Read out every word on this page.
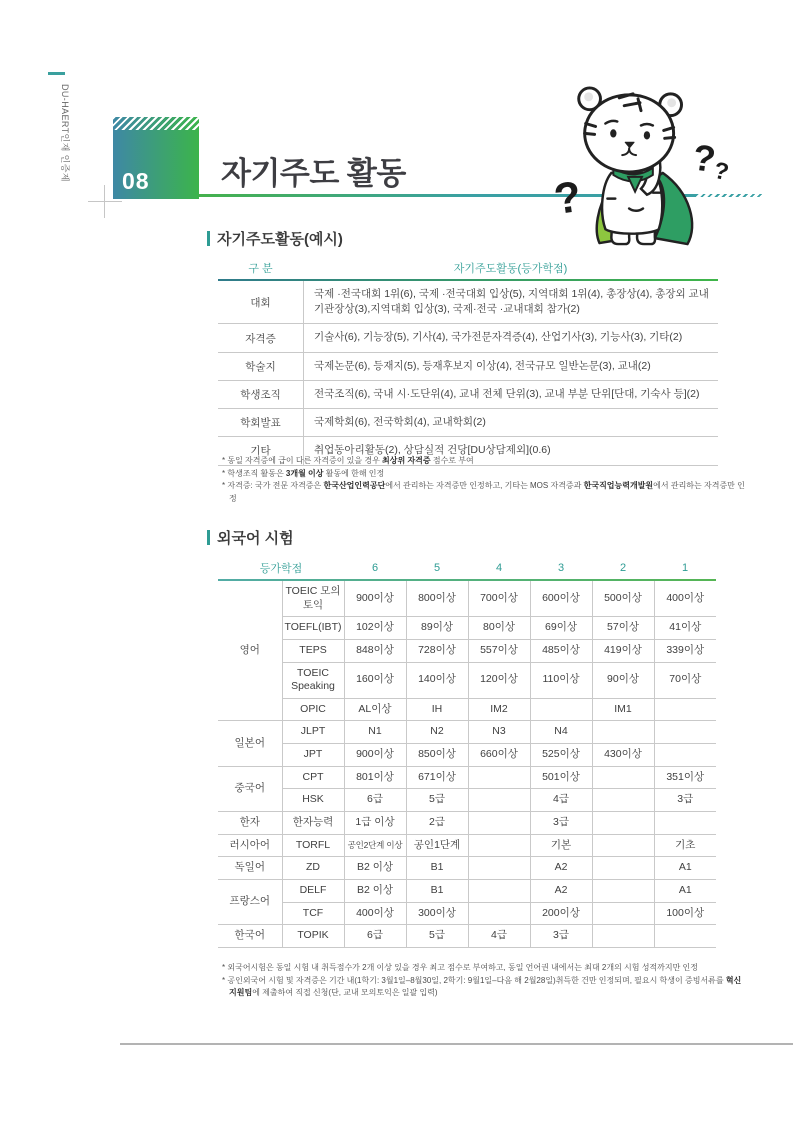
DU-HAERT인재 인증제 08 자기주도 활동	?
?
?
자기주도활동(예시)
구 분	자기주도활동(등가학점)
대회	국제 ·전국대회 1위(6), 국제 ·전국대회 입상(5), 지역대회 1위(4), 총장상(4), 총장외 교내 기관장상(3),지역대회 입상(3), 국제·전국 ·교내대회 참가(2)
자격증	기술사(6), 기능장(5), 기사(4), 국가전문자격증(4), 산업기사(3), 기능사(3), 기타(2)
학술지	국제논문(6), 등재지(5), 등재후보지 이상(4), 전국규모 일반논문(3), 교내(2)
학생조직	전국조직(6), 국내 시·도단위(4), 교내 전체 단위(3), 교내 부분 단위[단대, 기숙사 등](2)
학회발표	국제학회(6), 전국학회(4), 교내학회(2)
기타	취업동아리활동(2), 상담실적 건당[DU상담제외](0.6)
* 동일 자격증에 급이 다른 자격증이 있을 경우 최상위 자격증 점수로 부여
* 학생조직 활동은 3개월 이상 활동에 한해 인정
* 자격증: 국가 전문 자격증은 한국산업인력공단에서 관리하는 자격증만 인정하고, 기타는 MOS 자격증과 한국직업능력개발원에서 관리하는 자격증만 인정
외국어 시험
등가학점	6	5	4	3	2	1
영어	TOEIC 모의토익	900이상	800이상	700이상	600이상	500이상	400이상
	TOEFL(IBT)	102이상	89이상	80이상	69이상	57이상	41이상
	TEPS	848이상	728이상	557이상	485이상	419이상	339이상
	TOEIC Speaking	160이상	140이상	120이상	110이상	90이상	70이상
	OPIC	AL이상	IH	IM2		IM1	
일본어	JLPT	N1	N2	N3	N4		
	JPT	900이상	850이상	660이상	525이상	430이상	
중국어	CPT	801이상	671이상		501이상		351이상
	HSK	6급	5급		4급		3급
한자	한자능력	1급 이상	2급		3급		
러시아어	TORFL	공인2단계 이상	공인1단계		기본		기초
독일어	ZD	B2 이상	B1		A2		A1
프랑스어	DELF	B2 이상	B1		A2		A1
	TCF	400이상	300이상		200이상		100이상
한국어	TOPIK	6급	5급	4급	3급		
* 외국어시험은 동일 시험 내 취득점수가 2개 이상 있을 경우 최고 점수로 부여하고, 동일 언어권 내에서는 최대 2개의 시험 성적까지만 인정
* 공인외국어 시험 및 자격증은 기간 내(1학기: 3월1일–8월30일, 2학기: 9월1일–다음 해 2월28일)취득한 건만 인정되며, 필요시 학생이 증빙서류를 혁신지원팀에 제출하여 직접 신청(단, 교내 모의토익은 일괄 입력)
